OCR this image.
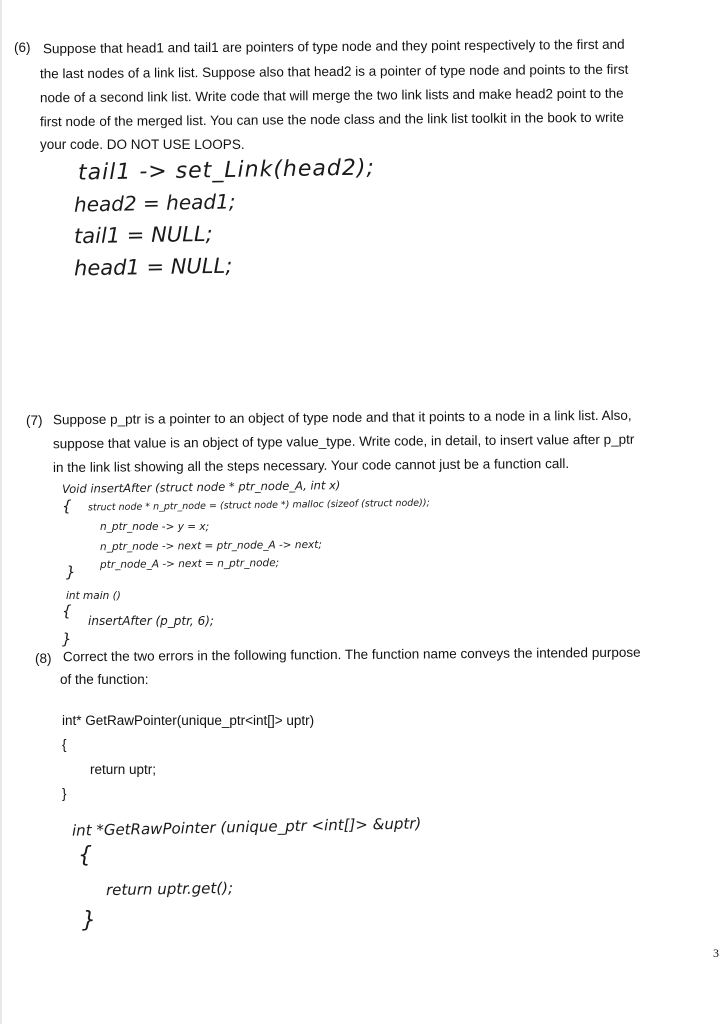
(6) Suppose that head1 and tail1 are pointers of type node and they point respectively to the first and
the last nodes of a link list. Suppose also that head2 is a pointer of type node and points to the first
node of a second link list. Write code that will merge the two link lists and make head2 point to the
first node of the merged list. You can use the node class and the link list toolkit in the book to write
your code. DO NOT USE LOOPS.
tail1 -> set_Link(head2);
head2 = head1;
tail1 = NULL;
head1 = NULL;
(7) Suppose p_ptr is a pointer to an object of type node and that it points to a node in a link list. Also,
suppose that value is an object of type value_type. Write code, in detail, to insert value after p_ptr
in the link list showing all the steps necessary. Your code cannot just be a function call.
Void insertAfter (struct node * ptr_node_A, int x)
{ struct node * n_ptr_node = (struct node *) malloc (sizeof (struct node));
n_ptr_node -> y = x;
n_ptr_node -> next = ptr_node_A -> next;
ptr_node_A -> next = n_ptr_node;
}
int main ()
{
insertAfter (p_ptr, 6);
}
(8) Correct the two errors in the following function. The function name conveys the intended purpose
of the function:
int* GetRawPointer(unique_ptr<int[]> uptr)
{
return uptr;
}
int *GetRawPointer (unique_ptr <int[]> &uptr)
{
return uptr.get();
}
3
